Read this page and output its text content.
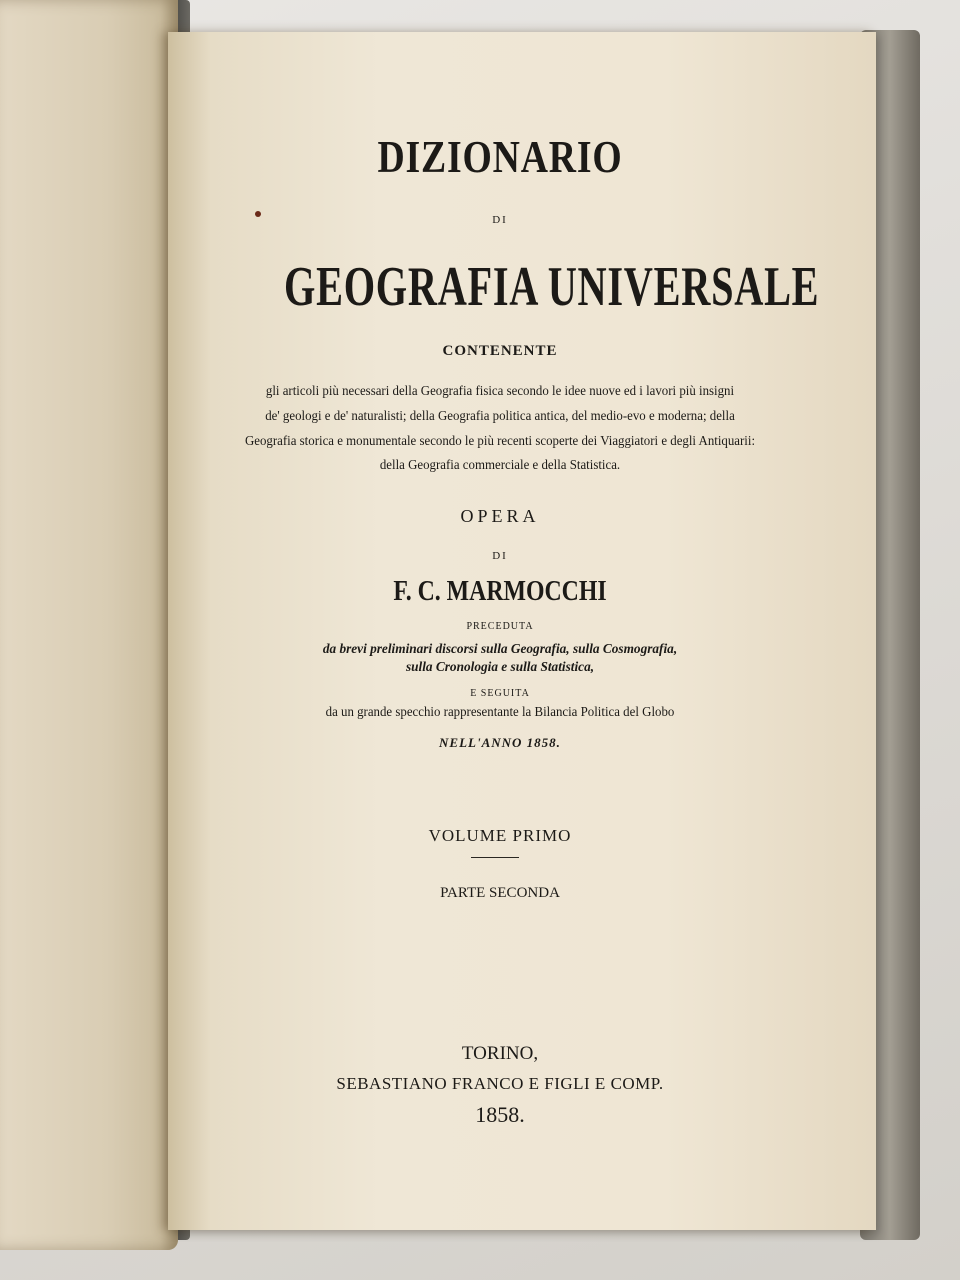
DIZIONARIO
DI
GEOGRAFIA UNIVERSALE
CONTENENTE
gli articoli più necessari della Geografia fisica secondo le idee nuove ed i lavori più insigni
de' geologi e de' naturalisti; della Geografia politica antica, del medio-evo e moderna; della
Geografia storica e monumentale secondo le più recenti scoperte dei Viaggiatori e degli Antiquarii:
della Geografia commerciale e della Statistica.
OPERA
DI
F. C. MARMOCCHI
PRECEDUTA
da brevi preliminari discorsi sulla Geografia, sulla Cosmografia,
sulla Cronologia e sulla Statistica,
E SEGUITA
da un grande specchio rappresentante la Bilancia Politica del Globo
NELL'ANNO 1858.
VOLUME PRIMO
PARTE SECONDA
TORINO,
SEBASTIANO FRANCO E FIGLI E COMP.
1858.
